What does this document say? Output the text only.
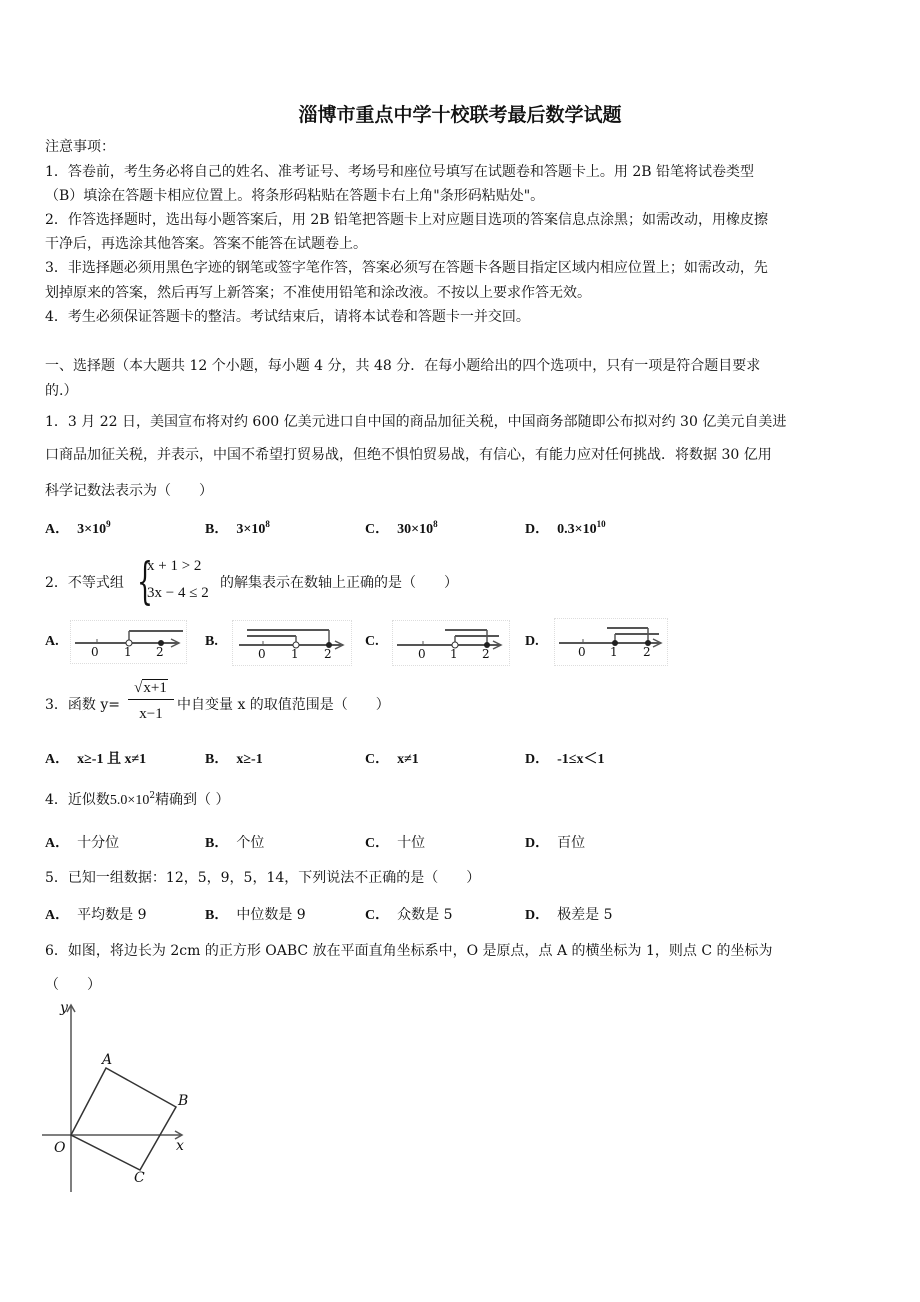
淄博市重点中学十校联考最后数学试题
注意事项：
1．答卷前，考生务必将自己的姓名、准考证号、考场号和座位号填写在试题卷和答题卡上。用 2B 铅笔将试卷类型
（B）填涂在答题卡相应位置上。将条形码粘贴在答题卡右上角"条形码粘贴处"。
2．作答选择题时，选出每小题答案后，用 2B 铅笔把答题卡上对应题目选项的答案信息点涂黑；如需改动，用橡皮擦
干净后，再选涂其他答案。答案不能答在试题卷上。
3．非选择题必须用黑色字迹的钢笔或签字笔作答，答案必须写在答题卡各题目指定区域内相应位置上；如需改动，先
划掉原来的答案，然后再写上新答案；不准使用铅笔和涂改液。不按以上要求作答无效。
4．考生必须保证答题卡的整洁。考试结束后，请将本试卷和答题卡一并交回。
一、选择题（本大题共 12 个小题，每小题 4 分，共 48 分．在每小题给出的四个选项中，只有一项是符合题目要求
的.）
1．3 月 22 日，美国宣布将对约 600 亿美元进口自中国的商品加征关税，中国商务部随即公布拟对约 30 亿美元自美进
口商品加征关税，并表示，中国不希望打贸易战，但绝不惧怕贸易战，有信心，有能力应对任何挑战．将数据 30 亿用
科学记数法表示为（　　）
A． $3\times 10^9$	B． $3\times 10^8$	C． $30\times 10^8$	D． $0.3\times 10^{10}$
2．不等式组 {
x + 1 > 2
3x − 4 ≤ 2
的解集表示在数轴上正确的是（　　）
A.
0 1 2
B.
0 1 2
C.
0 1 2
D.
0 1 2
3．函数 $y= \frac{√x+1}{x-1}$ 中自变量 x 的取值范围是（　　）
A． x≥-1 且 x≠1	B． x≥-1	C． x≠1	D． -1≤x＜1
4．近似数$5.0\times 10^2$精确到（ ）
A． 十分位	B． 个位	C． 十位	D． 百位
5．已知一组数据：12，5，9，5，14，下列说法不正确的是（　　）
A． 平均数是 9	B． 中位数是 9	C． 众数是 5	D． 极差是 5
6．如图，将边长为 2cm 的正方形 OABC 放在平面直角坐标系中，O 是原点，点 A 的横坐标为 1，则点 C 的坐标为
（　　）
y
x
O
A
B
C
